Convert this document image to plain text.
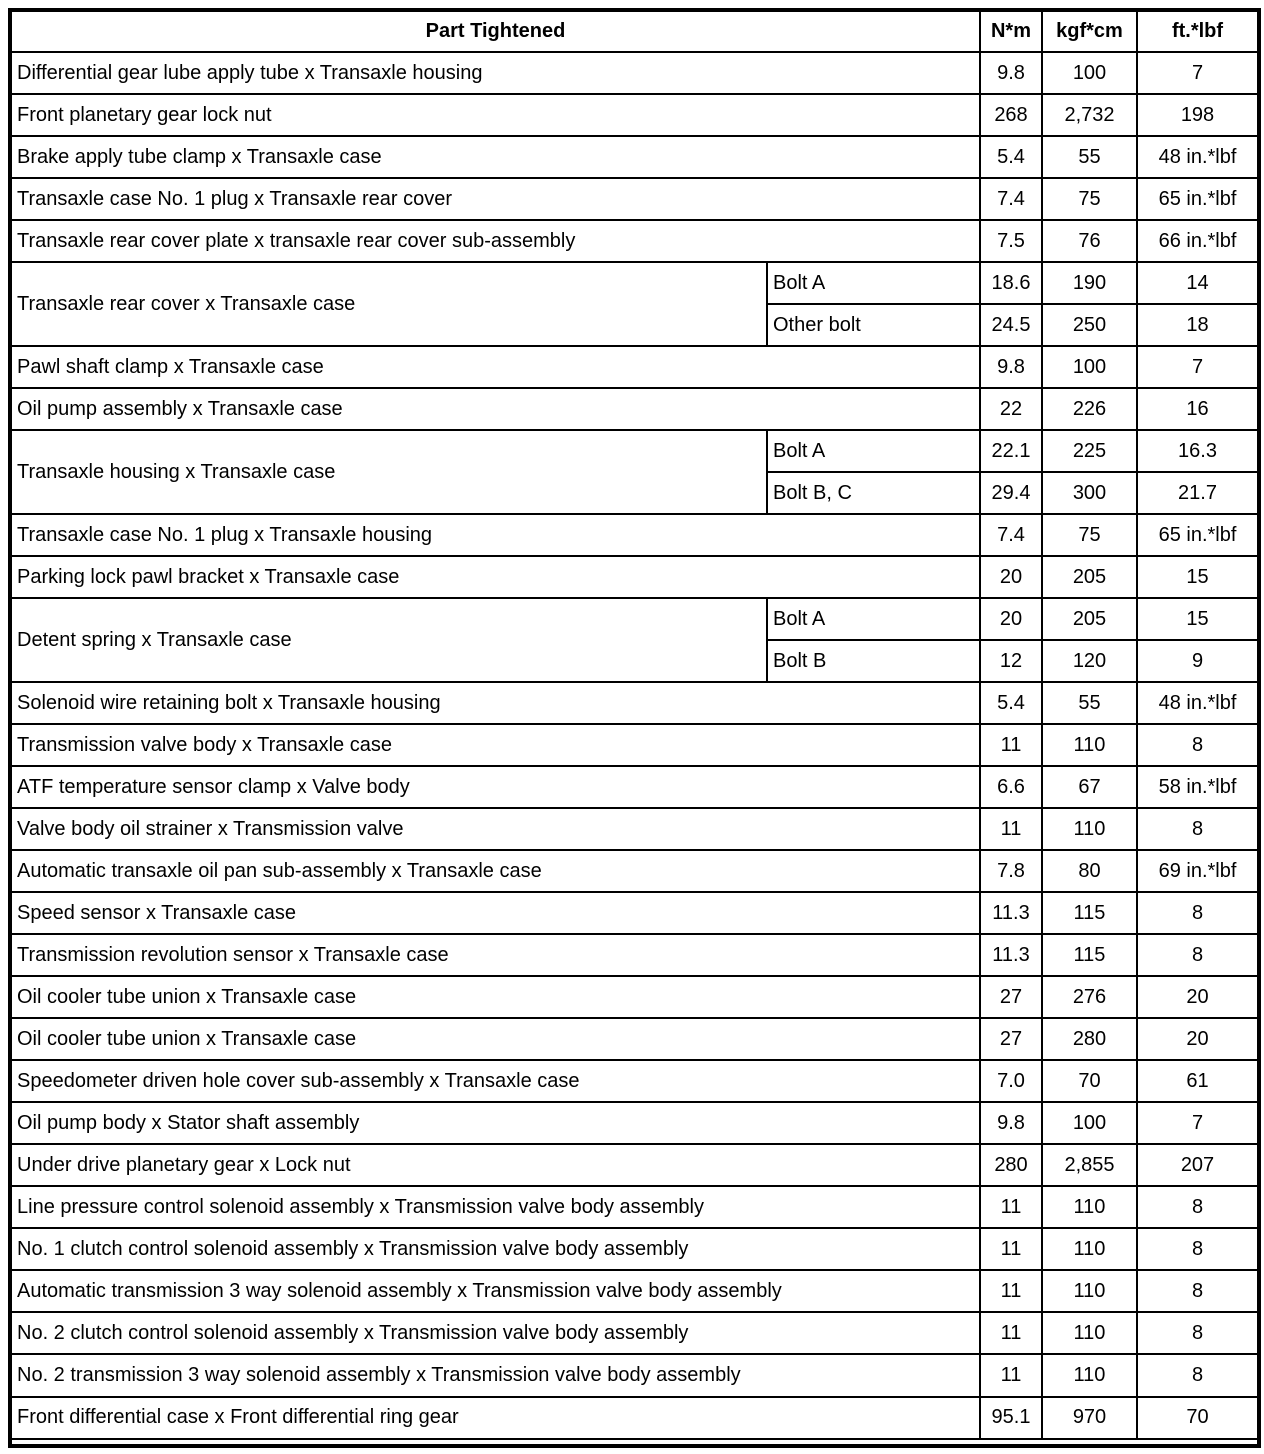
Part Tightened		N*m	kgf*cm	ft.*lbf
Differential gear lube apply tube x Transaxle housing		9.8	100	7
Front planetary gear lock nut		268	2,732	198
Brake apply tube clamp x Transaxle case		5.4	55	48 in.*lbf
Transaxle case No. 1 plug x Transaxle rear cover		7.4	75	65 in.*lbf
Transaxle rear cover plate x transaxle rear cover sub-assembly		7.5	76	66 in.*lbf
Transaxle rear cover x Transaxle case	Bolt A	18.6	190	14
	Other bolt	24.5	250	18
Pawl shaft clamp x Transaxle case		9.8	100	7
Oil pump assembly x Transaxle case		22	226	16
Transaxle housing x Transaxle case	Bolt A	22.1	225	16.3
	Bolt B, C	29.4	300	21.7
Transaxle case No. 1 plug x Transaxle housing		7.4	75	65 in.*lbf
Parking lock pawl bracket x Transaxle case		20	205	15
Detent spring x Transaxle case	Bolt A	20	205	15
	Bolt B	12	120	9
Solenoid wire retaining bolt x Transaxle housing		5.4	55	48 in.*lbf
Transmission valve body x Transaxle case		11	110	8
ATF temperature sensor clamp x Valve body		6.6	67	58 in.*lbf
Valve body oil strainer x Transmission valve		11	110	8
Automatic transaxle oil pan sub-assembly x Transaxle case		7.8	80	69 in.*lbf
Speed sensor x Transaxle case		11.3	115	8
Transmission revolution sensor x Transaxle case		11.3	115	8
Oil cooler tube union x Transaxle case		27	276	20
Oil cooler tube union x Transaxle case		27	280	20
Speedometer driven hole cover sub-assembly x Transaxle case		7.0	70	61
Oil pump body x Stator shaft assembly		9.8	100	7
Under drive planetary gear x Lock nut		280	2,855	207
Line pressure control solenoid assembly x Transmission valve body assembly		11	110	8
No. 1 clutch control solenoid assembly x Transmission valve body assembly		11	110	8
Automatic transmission 3 way solenoid assembly x Transmission valve body assembly		11	110	8
No. 2 clutch control solenoid assembly x Transmission valve body assembly		11	110	8
No. 2 transmission 3 way solenoid assembly x Transmission valve body assembly		11	110	8
Front differential case x Front differential ring gear		95.1	970	70
